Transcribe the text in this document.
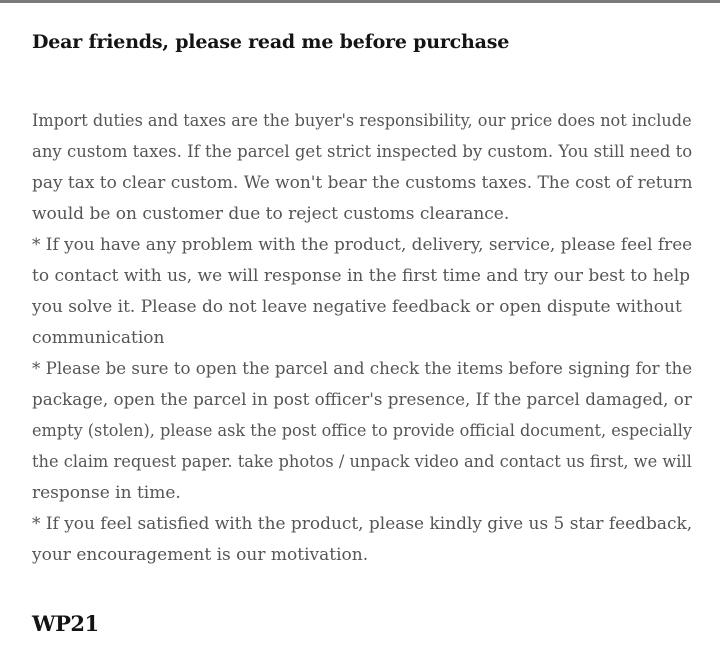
Dear friends, please read me before purchase
Import duties and taxes are the buyer's responsibility, our price does not include
any custom taxes. If the parcel get strict inspected by custom. You still need to
pay tax to clear custom. We won't bear the customs taxes. The cost of return
would be on customer due to reject customs clearance.
* If you have any problem with the product, delivery, service, please feel free
to contact with us, we will response in the first time and try our best to help
you solve it. Please do not leave negative feedback or open dispute without
communication
* Please be sure to open the parcel and check the items before signing for the
package, open the parcel in post officer's presence, If the parcel damaged, or
empty (stolen), please ask the post office to provide official document, especially
the claim request paper. take photos / unpack video and contact us first, we will
response in time.
* If you feel satisfied with the product, please kindly give us 5 star feedback,
your encouragement is our motivation.
WP21
